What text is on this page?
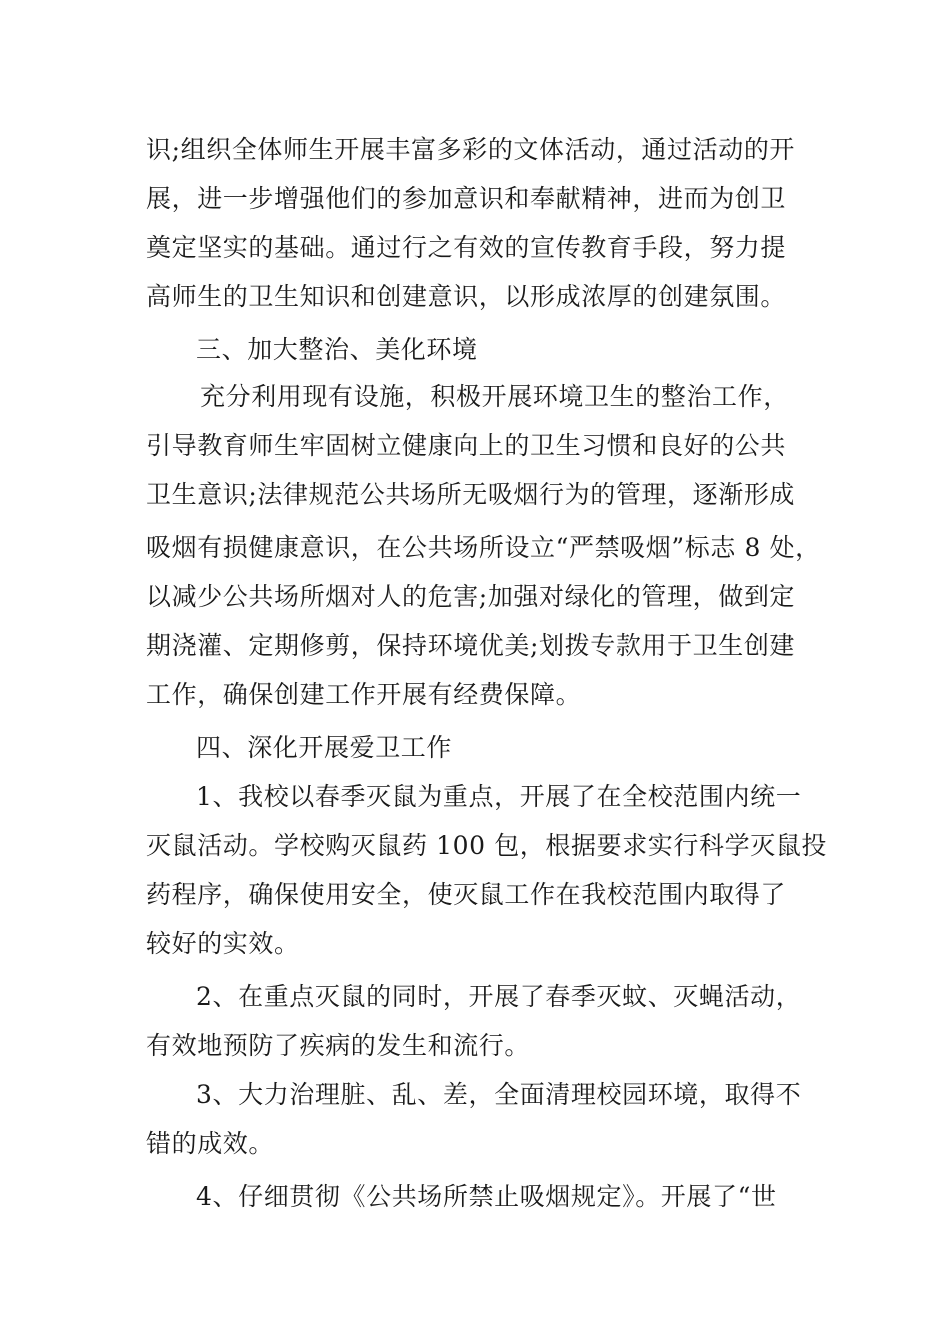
识;组织全体师生开展丰富多彩的文体活动，通过活动的开
展，进一步增强他们的参加意识和奉献精神，进而为创卫
奠定坚实的基础。通过行之有效的宣传教育手段，努力提
高师生的卫生知识和创建意识，以形成浓厚的创建氛围。
三、加大整治、美化环境
充分利用现有设施，积极开展环境卫生的整治工作，
引导教育师生牢固树立健康向上的卫生习惯和良好的公共
卫生意识;法律规范公共场所无吸烟行为的管理，逐渐形成
吸烟有损健康意识，在公共场所设立“严禁吸烟”标志 8 处，
以减少公共场所烟对人的危害;加强对绿化的管理，做到定
期浇灌、定期修剪，保持环境优美;划拨专款用于卫生创建
工作，确保创建工作开展有经费保障。
四、深化开展爱卫工作
1、我校以春季灭鼠为重点，开展了在全校范围内统一
灭鼠活动。学校购灭鼠药 100 包，根据要求实行科学灭鼠投
药程序，确保使用安全，使灭鼠工作在我校范围内取得了
较好的实效。
2、在重点灭鼠的同时，开展了春季灭蚊、灭蝇活动，
有效地预防了疾病的发生和流行。
3、大力治理脏、乱、差，全面清理校园环境，取得不
错的成效。
4、仔细贯彻《公共场所禁止吸烟规定》。开展了“世
